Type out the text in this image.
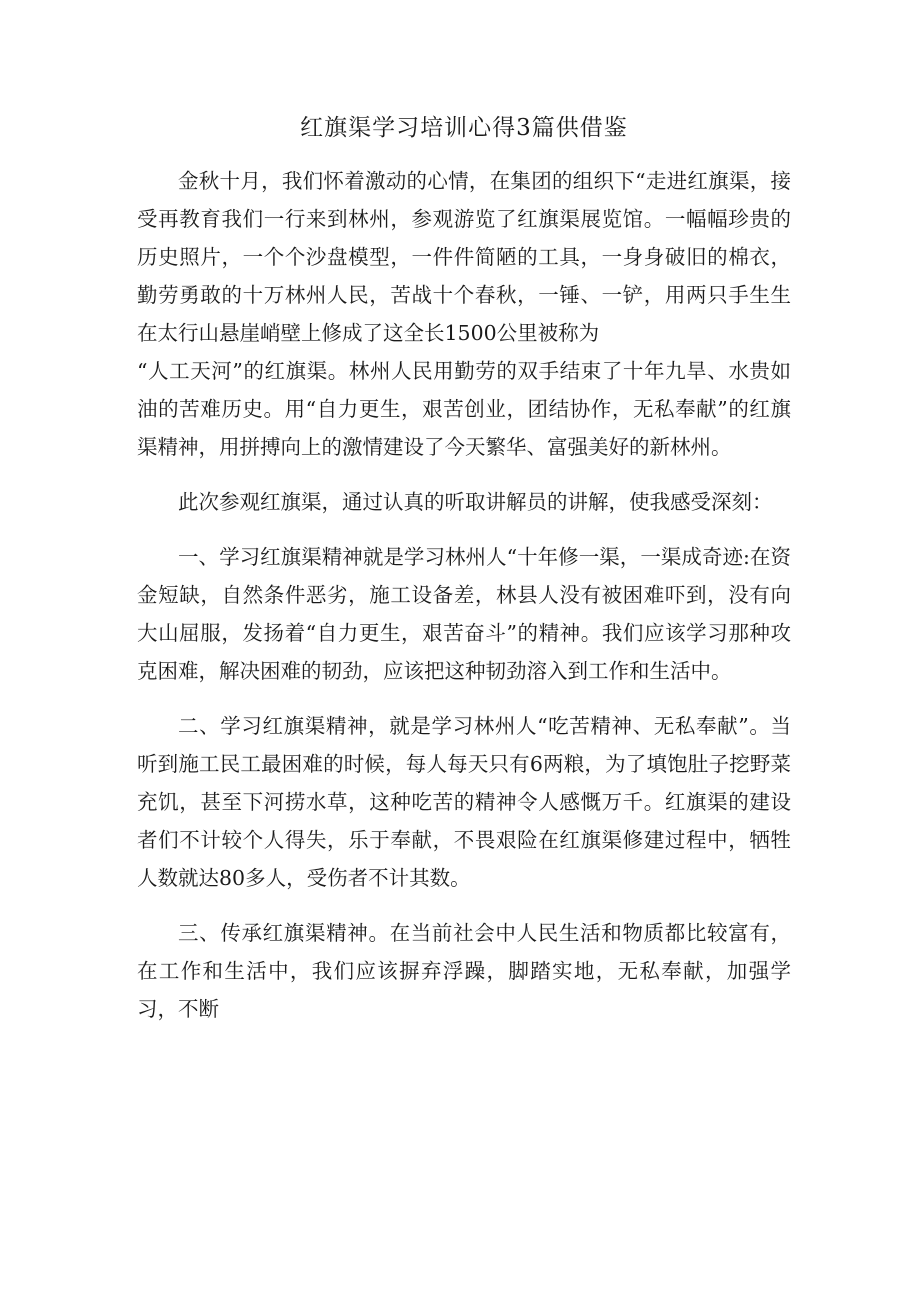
红旗渠学习培训心得3篇供借鉴

金秋十月，我们怀着激动的心情，在集团的组织下“走进红旗渠，接受再教育我们一行来到林州，参观游览了红旗渠展览馆。一幅幅珍贵的历史照片，一个个沙盘模型，一件件简陋的工具，一身身破旧的棉衣，勤劳勇敢的十万林州人民，苦战十个春秋，一锤、一铲，用两只手生生在太行山悬崖峭壁上修成了这全长1500公里被称为

“人工天河”的红旗渠。林州人民用勤劳的双手结束了十年九旱、水贵如油的苦难历史。用“自力更生，艰苦创业，团结协作，无私奉献”的红旗渠精神，用拼搏向上的激情建设了今天繁华、富强美好的新林州。

此次参观红旗渠，通过认真的听取讲解员的讲解，使我感受深刻：

一、学习红旗渠精神就是学习林州人“十年修一渠，一渠成奇迹:在资金短缺，自然条件恶劣，施工设备差，林县人没有被困难吓到，没有向大山屈服，发扬着“自力更生，艰苦奋斗”的精神。我们应该学习那种攻克困难，解决困难的韧劲，应该把这种韧劲溶入到工作和生活中。

二、学习红旗渠精神，就是学习林州人“吃苦精神、无私奉献”。当听到施工民工最困难的时候，每人每天只有6两粮，为了填饱肚子挖野菜充饥，甚至下河捞水草，这种吃苦的精神令人感慨万千。红旗渠的建设者们不计较个人得失，乐于奉献，不畏艰险在红旗渠修建过程中，牺牲人数就达80多人，受伤者不计其数。

三、传承红旗渠精神。在当前社会中人民生活和物质都比较富有，在工作和生活中，我们应该摒弃浮躁，脚踏实地，无私奉献，加强学习，不断
